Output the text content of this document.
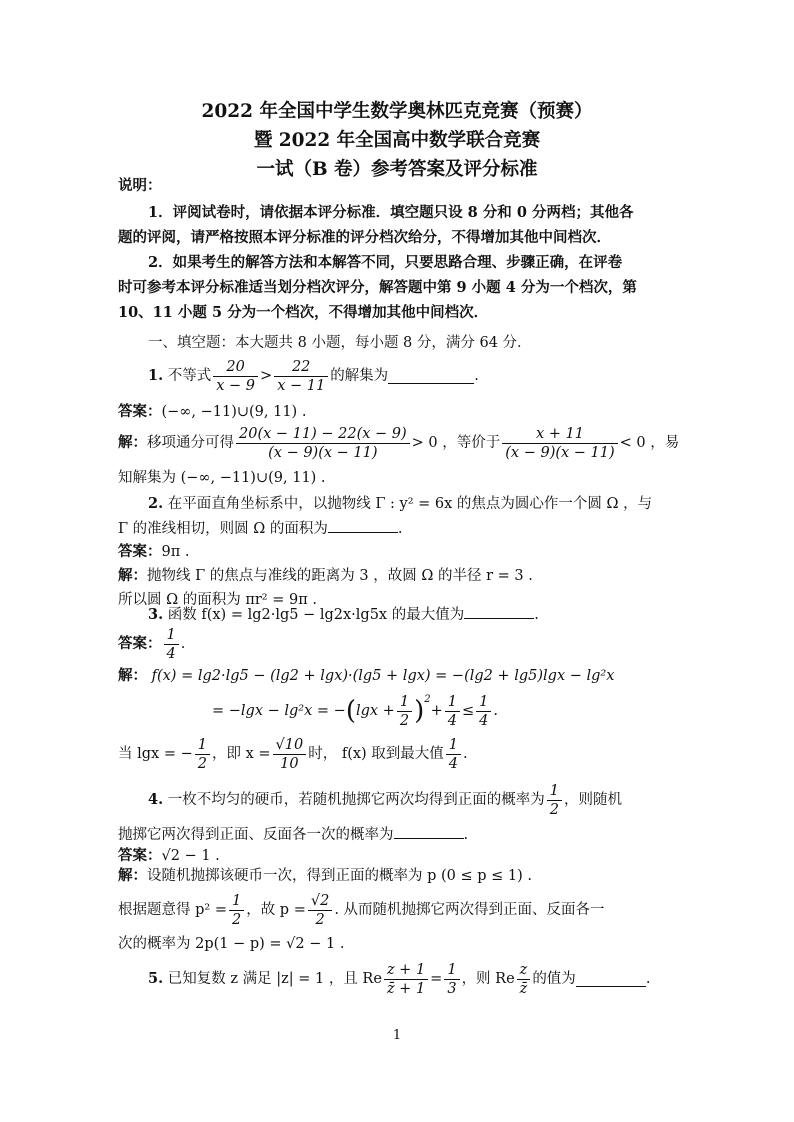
2022 年全国中学生数学奥林匹克竞赛（预赛）
暨 2022 年全国高中数学联合竞赛
一试（B 卷）参考答案及评分标准
说明：
1．评阅试卷时，请依据本评分标准．填空题只设 8 分和 0 分两档；其他各
题的评阅，请严格按照本评分标准的评分档次给分，不得增加其他中间档次．
2．如果考生的解答方法和本解答不同，只要思路合理、步骤正确，在评卷
时可参考本评分标准适当划分档次评分，解答题中第 9 小题 4 分为一个档次，第
10、11 小题 5 分为一个档次，不得增加其他中间档次．
一、填空题：本大题共 8 小题，每小题 8 分，满分 64 分．
1.
不等式 $\frac{20}{x - 9} > \frac{22}{x - 11}$ 的解集为	.
答案：(−∞, −11)∪(9, 11) .
解： 移项通分可得 $\frac{20(x - 11) - 22(x - 9)}{(x - 9)(x - 11)} > 0$ ，等价于 $\frac{x + 11}{(x - 9)(x - 11)} < 0$ ，易
知解集为 (−∞, −11)∪(9, 11) .
2. 在平面直角坐标系中，以抛物线 Γ : y² = 6x 的焦点为圆心作一个圆 Ω ，与
Γ 的准线相切，则圆 Ω 的面积为	.
答案：9π .
解：抛物线 Γ 的焦点与准线的距离为 3 ，故圆 Ω 的半径 r = 3 .
所以圆 Ω 的面积为 πr² = 9π .
3. 函数 f(x) = lg2·lg5 − lg2x·lg5x 的最大值为	.
答案： $\frac{1}{4}$ .
解： f(x) = lg2·lg5 − (lg2 + lgx)·(lg5 + lgx) = −(lg2 + lg5)lgx − lg²x
= −lgx − lg²x = − ( $\lg x + \frac{1}{2} )^2$
+ $\frac{1}{4} \le \frac{1}{4}$ .
当 lgx = − $\frac{1}{2}$ ，即 $x = \frac{√10}{10}$ 时， f(x) 取到最大值 $\frac{1}{4}$ .
4.
一枚不均匀的硬币，若随机抛掷它两次均得到正面的概率为 $\frac{1}{2}$ ，则随机
抛掷它两次得到正面、反面各一次的概率为	.
答案：√2 − 1 .
解：设随机抛掷该硬币一次，得到正面的概率为 p (0 ≤ p ≤ 1) .
根据题意得 $p^2 = \frac{1}{2}$ ，故 $p = \frac{√2}{2}$ . 从而随机抛掷它两次得到正面、反面各一
次的概率为 2p(1 − p) = √2 − 1 .
5.
已知复数 z 满足 |z| = 1 ，且 Re $\frac{z + 1}{z̄ + 1} = \frac{1}{3}$ ，则 Re $\frac{z}{z̄}$ 的值为	.
1
